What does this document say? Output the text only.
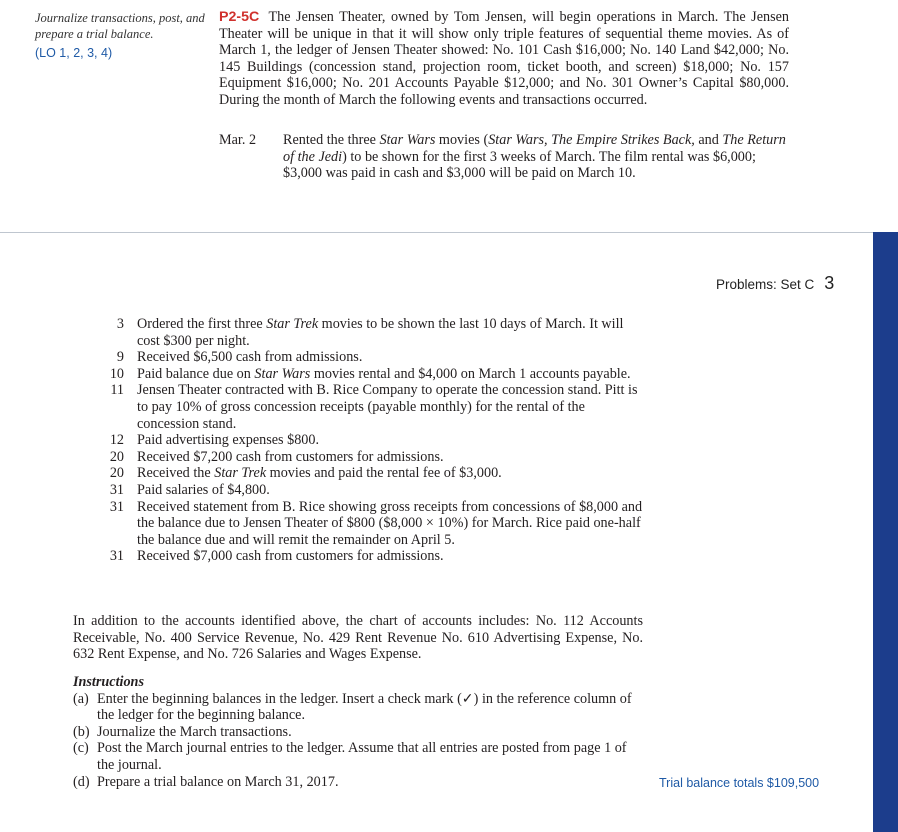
Journalize transactions, post, and prepare a trial balance.
(LO 1, 2, 3, 4)
P2-5C The Jensen Theater, owned by Tom Jensen, will begin operations in March. The Jensen Theater will be unique in that it will show only triple features of sequential theme movies. As of March 1, the ledger of Jensen Theater showed: No. 101 Cash $16,000; No. 140 Land $42,000; No. 145 Buildings (concession stand, projection room, ticket booth, and screen) $18,000; No. 157 Equipment $16,000; No. 201 Accounts Payable $12,000; and No. 301 Owner’s Capital $80,000. During the month of March the following events and transactions occurred.
Mar. 2	Rented the three Star Wars movies (Star Wars, The Empire Strikes Back, and The Return of the Jedi) to be shown for the first 3 weeks of March. The film rental was $6,000; $3,000 was paid in cash and $3,000 will be paid on March 10.
Problems: Set C 3
3 Ordered the first three Star Trek movies to be shown the last 10 days of March. It will cost $300 per night.
9 Received $6,500 cash from admissions.
10 Paid balance due on Star Wars movies rental and $4,000 on March 1 accounts payable.
11 Jensen Theater contracted with B. Rice Company to operate the concession stand. Pitt is to pay 10% of gross concession receipts (payable monthly) for the rental of the concession stand.
12 Paid advertising expenses $800.
20 Received $7,200 cash from customers for admissions.
20 Received the Star Trek movies and paid the rental fee of $3,000.
31 Paid salaries of $4,800.
31 Received statement from B. Rice showing gross receipts from concessions of $8,000 and the balance due to Jensen Theater of $800 ($8,000 × 10%) for March. Rice paid one-half the balance due and will remit the remainder on April 5.
31 Received $7,000 cash from customers for admissions.
In addition to the accounts identified above, the chart of accounts includes: No. 112 Accounts Receivable, No. 400 Service Revenue, No. 429 Rent Revenue No. 610 Advertising Expense, No. 632 Rent Expense, and No. 726 Salaries and Wages Expense.
Instructions
(a) Enter the beginning balances in the ledger. Insert a check mark (✓) in the reference column of the ledger for the beginning balance.
(b) Journalize the March transactions.
(c) Post the March journal entries to the ledger. Assume that all entries are posted from page 1 of the journal.
(d) Prepare a trial balance on March 31, 2017.	Trial balance totals $109,500
